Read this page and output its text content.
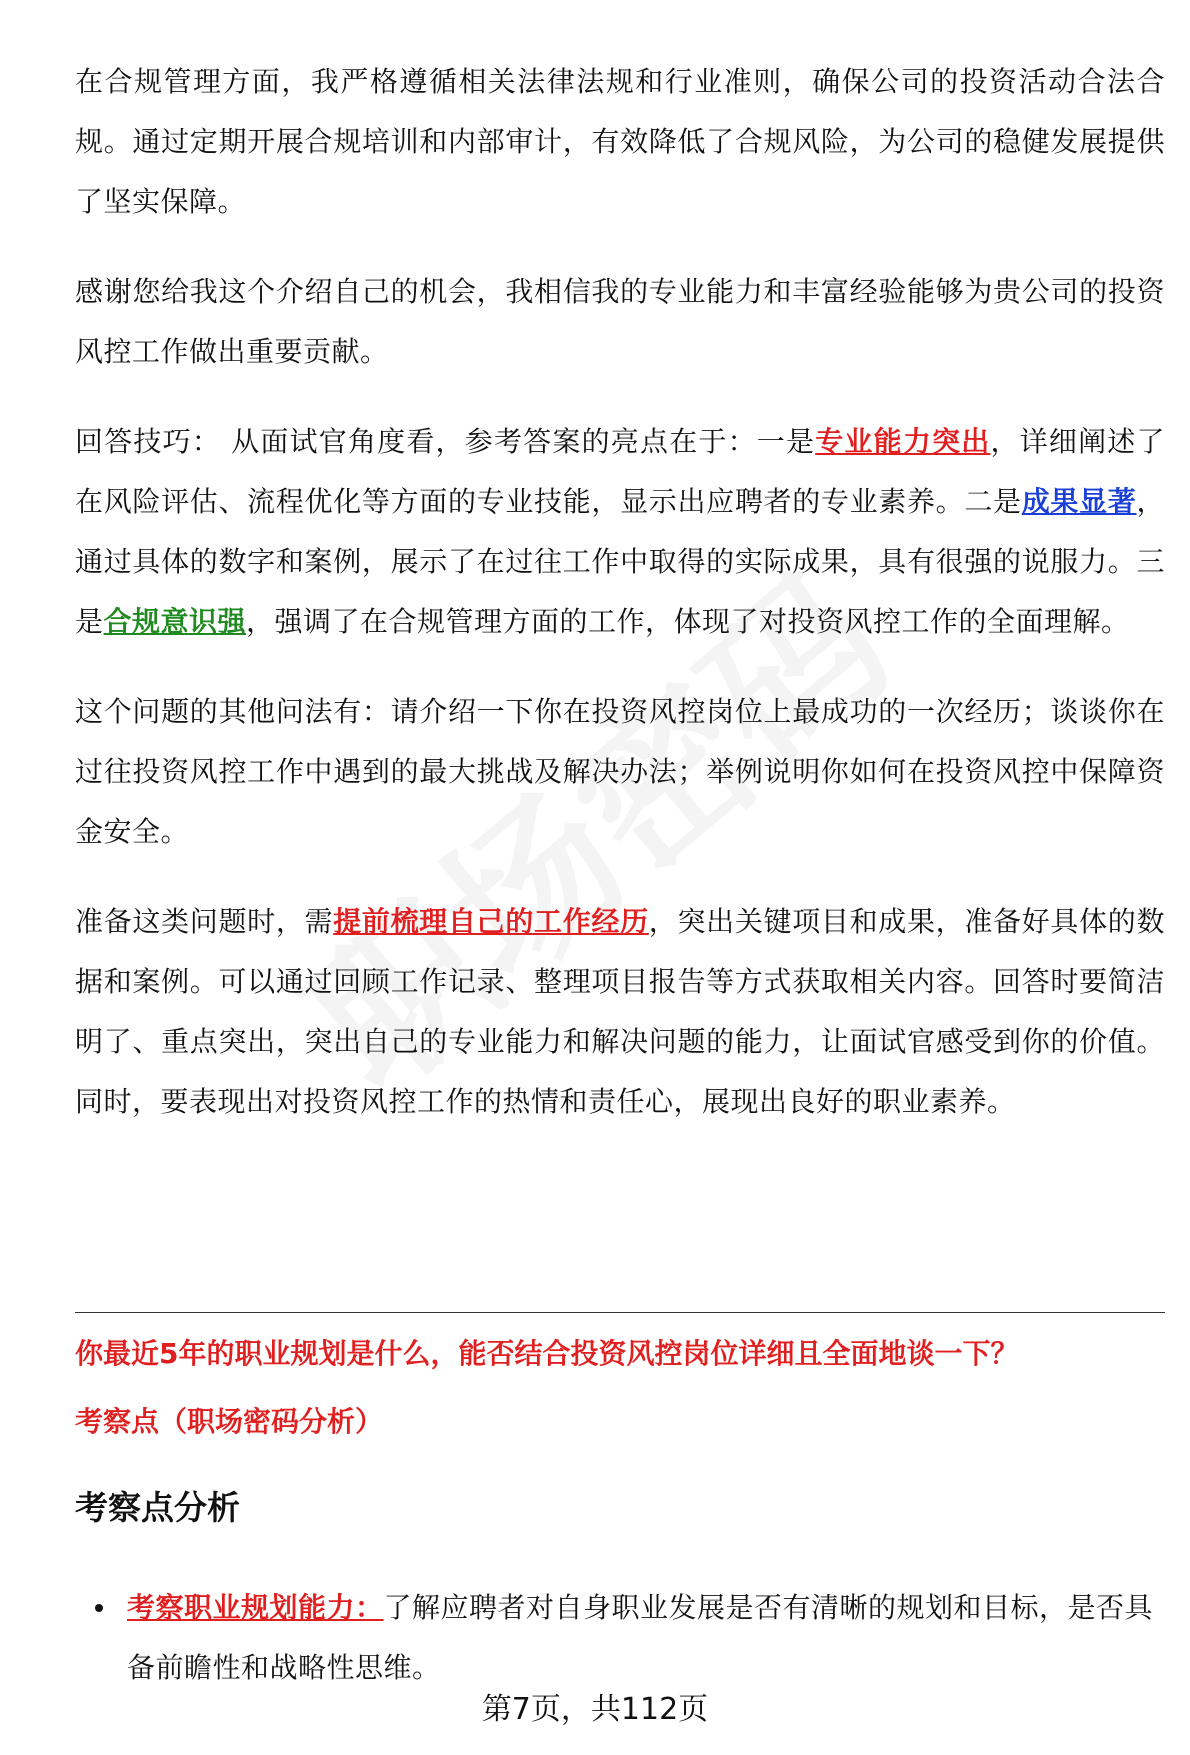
在合规管理方面，我严格遵循相关法律法规和行业准则，确保公司的投资活动合法合规。通过定期开展合规培训和内部审计，有效降低了合规风险，为公司的稳健发展提供了坚实保障。

感谢您给我这个介绍自己的机会，我相信我的专业能力和丰富经验能够为贵公司的投资风控工作做出重要贡献。

回答技巧： 从面试官角度看，参考答案的亮点在于：一是专业能力突出，详细阐述了在风险评估、流程优化等方面的专业技能，显示出应聘者的专业素养。二是成果显著，通过具体的数字和案例，展示了在过往工作中取得的实际成果，具有很强的说服力。三是合规意识强，强调了在合规管理方面的工作，体现了对投资风控工作的全面理解。

这个问题的其他问法有：请介绍一下你在投资风控岗位上最成功的一次经历；谈谈你在过往投资风控工作中遇到的最大挑战及解决办法；举例说明你如何在投资风控中保障资金安全。

准备这类问题时，需提前梳理自己的工作经历，突出关键项目和成果，准备好具体的数据和案例。可以通过回顾工作记录、整理项目报告等方式获取相关内容。回答时要简洁明了、重点突出，突出自己的专业能力和解决问题的能力，让面试官感受到你的价值。同时，要表现出对投资风控工作的热情和责任心，展现出良好的职业素养。

你最近5年的职业规划是什么，能否结合投资风控岗位详细且全面地谈一下？
考察点（职场密码分析）
考察点分析
考察职业规划能力：了解应聘者对自身职业发展是否有清晰的规划和目标，是否具备前瞻性和战略性思维。
第7页，共112页
